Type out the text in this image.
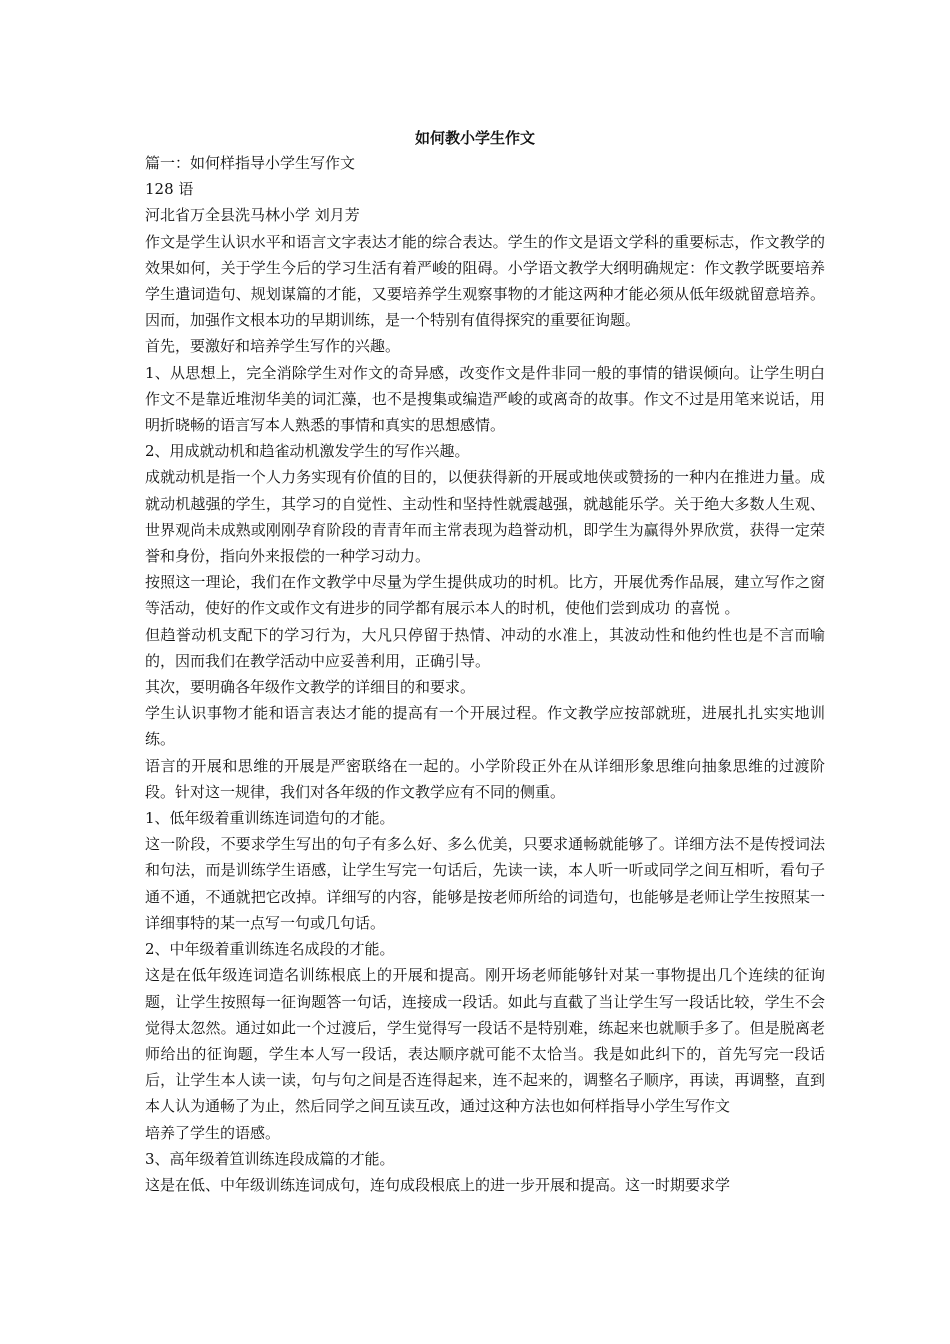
如何教小学生作文

篇一：如何样指导小学生写作文

128 语

河北省万全县洗马林小学 刘月芳

作文是学生认识水平和语言文字表达才能的综合表达。学生的作文是语文学科的重要标志，作文教学的效果如何，关于学生今后的学习生活有着严峻的阻碍。小学语文教学大纲明确规定：作文教学既要培养学生遣词造句、规划谋篇的才能，又要培养学生观察事物的才能这两种才能必须从低年级就留意培养。因而，加强作文根本功的早期训练，是一个特别有值得探究的重要征询题。

首先，要激好和培养学生写作的兴趣。

1、从思想上，完全消除学生对作文的奇异感，改变作文是件非同一般的事情的错误倾向。让学生明白作文不是靠近堆沏华美的词汇藻，也不是搜集或编造严峻的或离奇的故事。作文不过是用笔来说话，用明折晓畅的语言写本人熟悉的事情和真实的思想感情。

2、用成就动机和趋雀动机激发学生的写作兴趣。

成就动机是指一个人力务实现有价值的目的，以便获得新的开展或地侠或赞扬的一种内在推进力量。成就动机越强的学生，其学习的自觉性、主动性和坚持性就震越强，就越能乐学。关于绝大多数人生观、世界观尚未成熟或刚刚孕育阶段的青青年而主常表现为趋誉动机，即学生为赢得外界欣赏，获得一定荣誉和身份，指向外来报偿的一种学习动力。

按照这一理论，我们在作文教学中尽量为学生提供成功的时机。比方，开展优秀作品展，建立写作之窗等活动，使好的作文或作文有进步的同学都有展示本人的时机，使他们尝到成功 的喜悦 。

但趋誉动机支配下的学习行为，大凡只停留于热情、冲动的水准上，其波动性和他约性也是不言而喻的，因而我们在教学活动中应妥善利用，正确引导。

其次，要明确各年级作文教学的详细目的和要求。

学生认识事物才能和语言表达才能的提高有一个开展过程。作文教学应按部就班，进展扎扎实实地训练。

语言的开展和思维的开展是严密联络在一起的。小学阶段正外在从详细形象思维向抽象思维的过渡阶段。针对这一规律，我们对各年级的作文教学应有不同的侧重。

1、低年级着重训练连词造句的才能。

这一阶段，不要求学生写出的句子有多么好、多么优美，只要求通畅就能够了。详细方法不是传授词法和句法，而是训练学生语感，让学生写完一句话后，先读一读，本人听一听或同学之间互相听，看句子通不通，不通就把它改掉。详细写的内容，能够是按老师所给的词造句，也能够是老师让学生按照某一详细事特的某一点写一句或几句话。

2、中年级着重训练连名成段的才能。

这是在低年级连词造名训练根底上的开展和提高。刚开场老师能够针对某一事物提出几个连续的征询题，让学生按照每一征询题答一句话，连接成一段话。如此与直截了当让学生写一段话比较，学生不会觉得太忽然。通过如此一个过渡后，学生觉得写一段话不是特别难，练起来也就顺手多了。但是脱离老师给出的征询题，学生本人写一段话，表达顺序就可能不太恰当。我是如此纠下的，首先写完一段话后，让学生本人读一读，句与句之间是否连得起来，连不起来的，调整名子顺序，再读，再调整，直到本人认为通畅了为止，然后同学之间互读互改，通过这种方法也如何样指导小学生写作文

培养了学生的语感。

3、高年级着笪训练连段成篇的才能。

这是在低、中年级训练连词成句，连句成段根底上的进一步开展和提高。这一时期要求学
